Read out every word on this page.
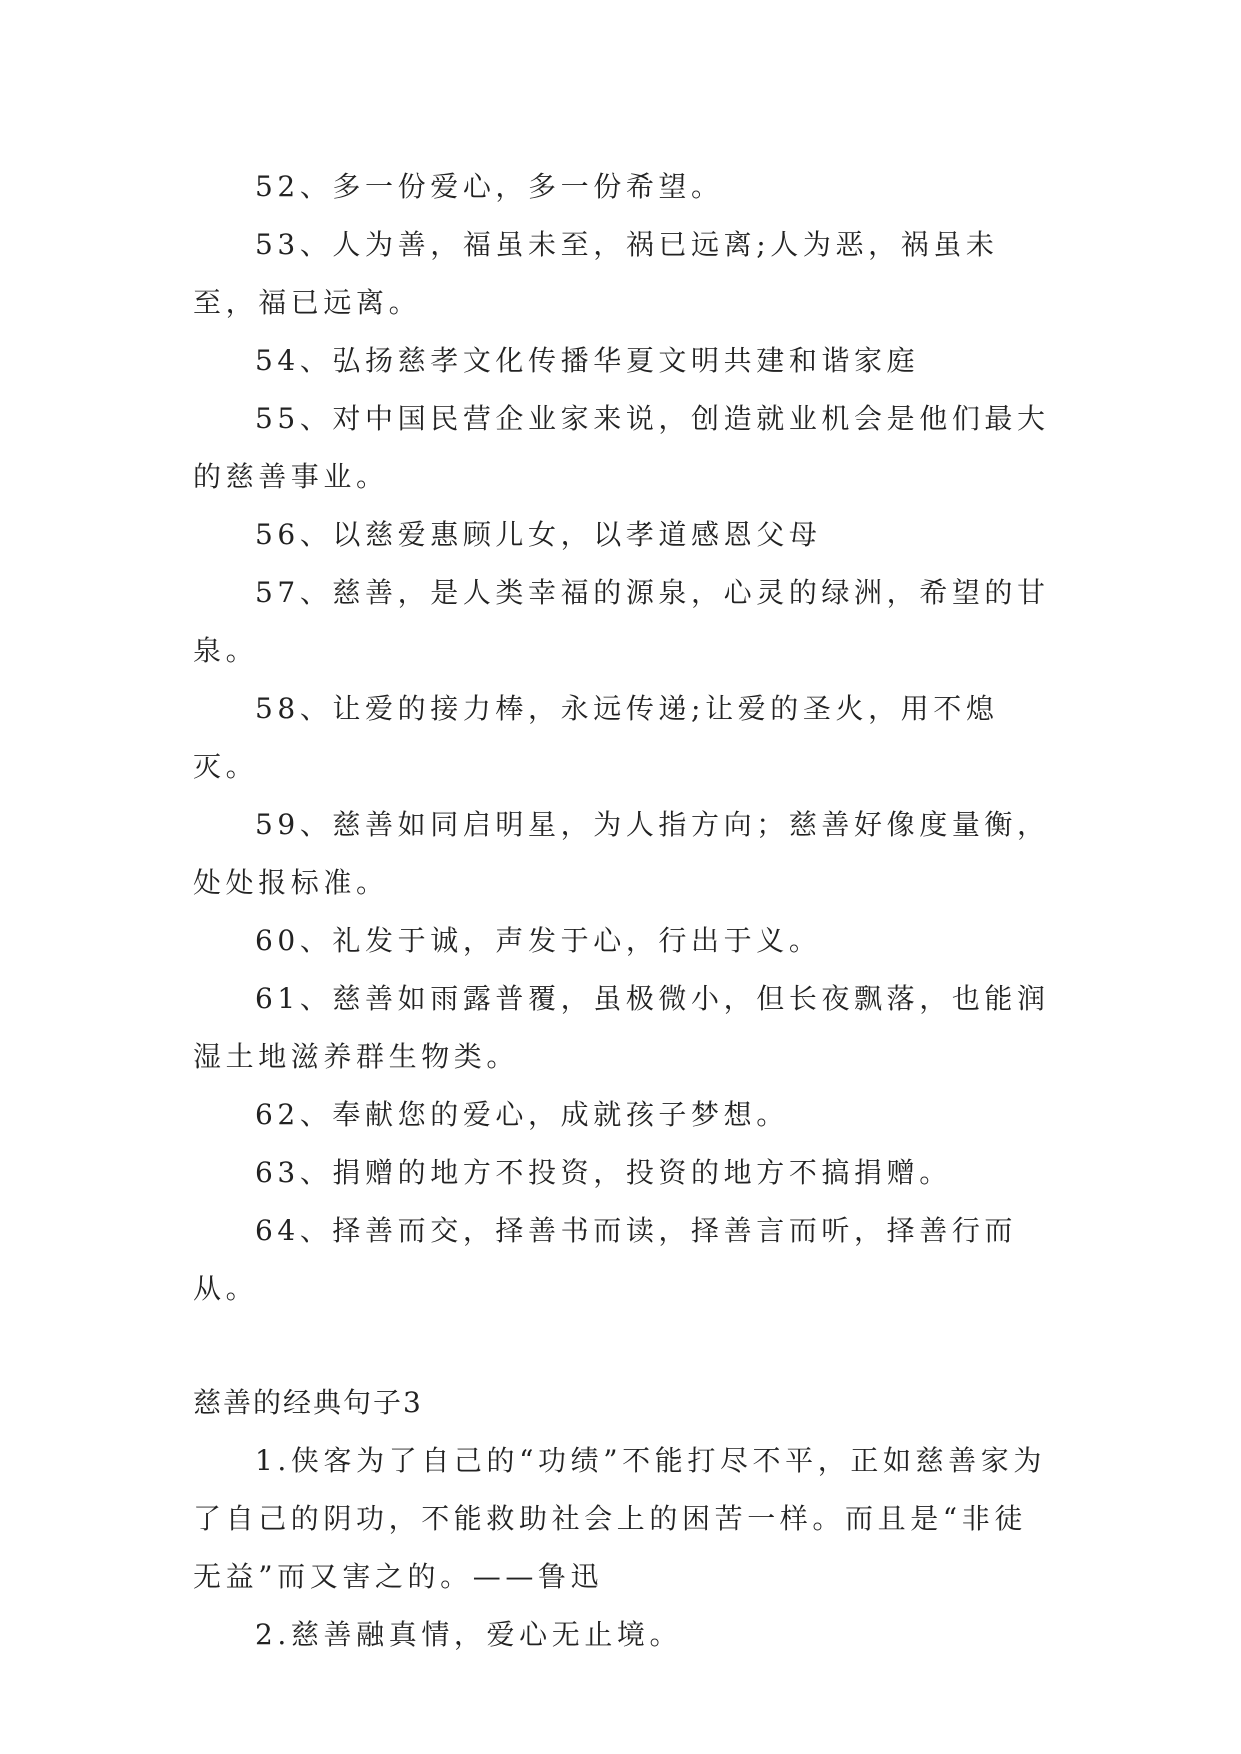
52、多一份爱心，多一份希望。

53、人为善，福虽未至，祸已远离;人为恶，祸虽未至，福已远离。

54、弘扬慈孝文化传播华夏文明共建和谐家庭

55、对中国民营企业家来说，创造就业机会是他们最大的慈善事业。

56、以慈爱惠顾儿女，以孝道感恩父母

57、慈善，是人类幸福的源泉，心灵的绿洲，希望的甘泉。

58、让爱的接力棒，永远传递;让爱的圣火，用不熄灭。

59、慈善如同启明星，为人指方向；慈善好像度量衡，处处报标准。

60、礼发于诚，声发于心，行出于义。

61、慈善如雨露普覆，虽极微小，但长夜飘落，也能润湿土地滋养群生物类。

62、奉献您的爱心，成就孩子梦想。

63、捐赠的地方不投资，投资的地方不搞捐赠。

64、择善而交，择善书而读，择善言而听，择善行而从。

慈善的经典句子3

1.侠客为了自己的“功绩”不能打尽不平，正如慈善家为了自己的阴功，不能救助社会上的困苦一样。而且是“非徒无益”而又害之的。——鲁迅

2.慈善融真情，爱心无止境。
